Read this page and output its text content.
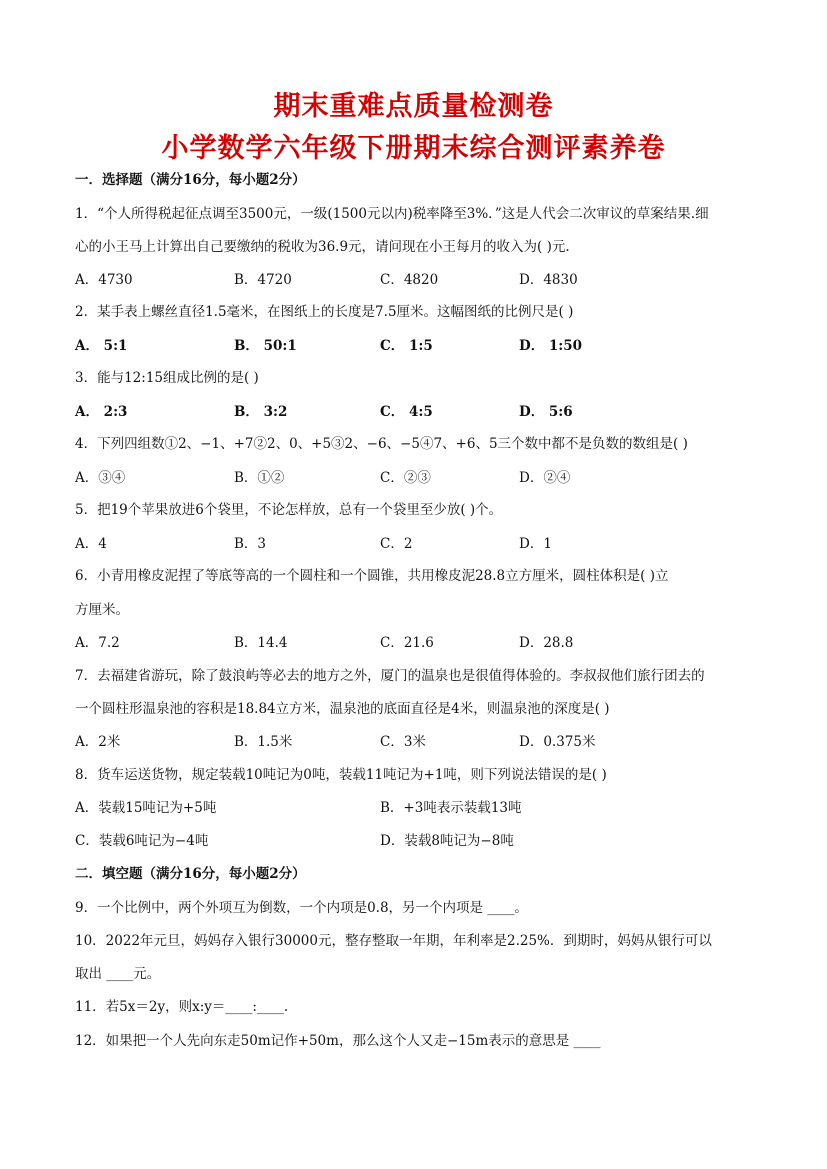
期末重难点质量检测卷
小学数学六年级下册期末综合测评素养卷
一．选择题（满分16分，每小题2分）
1．“个人所得税起征点调至3500元，一级(1500元以内)税率降至3%．”这是人代会二次审议的草案结果.细
心的小王马上计算出自己要缴纳的税收为36.9元，请问现在小王每月的收入为( )元.
A．4730	B．4720	C．4820	D．4830
2．某手表上螺丝直径1.5毫米，在图纸上的长度是7.5厘米。这幅图纸的比例尺是( )
A． 5:1	B． 50:1	C． 1:5	D． 1:50
3．能与12:15组成比例的是( )
A． 2:3	B． 3:2	C． 4:5	D． 5:6
4．下列四组数①2、−1、+7②2、0、+5③2、−6、−5④7、+6、5三个数中都不是负数的数组是( )
A．③④	B．①②	C．②③	D．②④
5．把19个苹果放进6个袋里，不论怎样放，总有一个袋里至少放( )个。
A．4	B．3	C．2	D．1
6．小青用橡皮泥捏了等底等高的一个圆柱和一个圆锥，共用橡皮泥28.8立方厘米，圆柱体积是( )立
方厘米。
A．7.2	B．14.4	C．21.6	D．28.8
7．去福建省游玩，除了鼓浪屿等必去的地方之外，厦门的温泉也是很值得体验的。李叔叔他们旅行团去的
一个圆柱形温泉池的容积是18.84立方米，温泉池的底面直径是4米，则温泉池的深度是( )
A．2米	B．1.5米	C．3米	D．0.375米
8．货车运送货物，规定装载10吨记为0吨，装载11吨记为+1吨，则下列说法错误的是( )
A．装载15吨记为+5吨	B．+3吨表示装载13吨
C．装载6吨记为−4吨	D．装载8吨记为−8吨
二．填空题（满分16分，每小题2分）
9．一个比例中，两个外项互为倒数，一个内项是0.8，另一个内项是 ____。
10．2022年元旦，妈妈存入银行30000元，整存整取一年期，年利率是2.25%．到期时，妈妈从银行可以
取出 ____元。
11．若5x＝2y，则x:y＝____:____.
12．如果把一个人先向东走50m记作+50m，那么这个人又走−15m表示的意思是 ____
